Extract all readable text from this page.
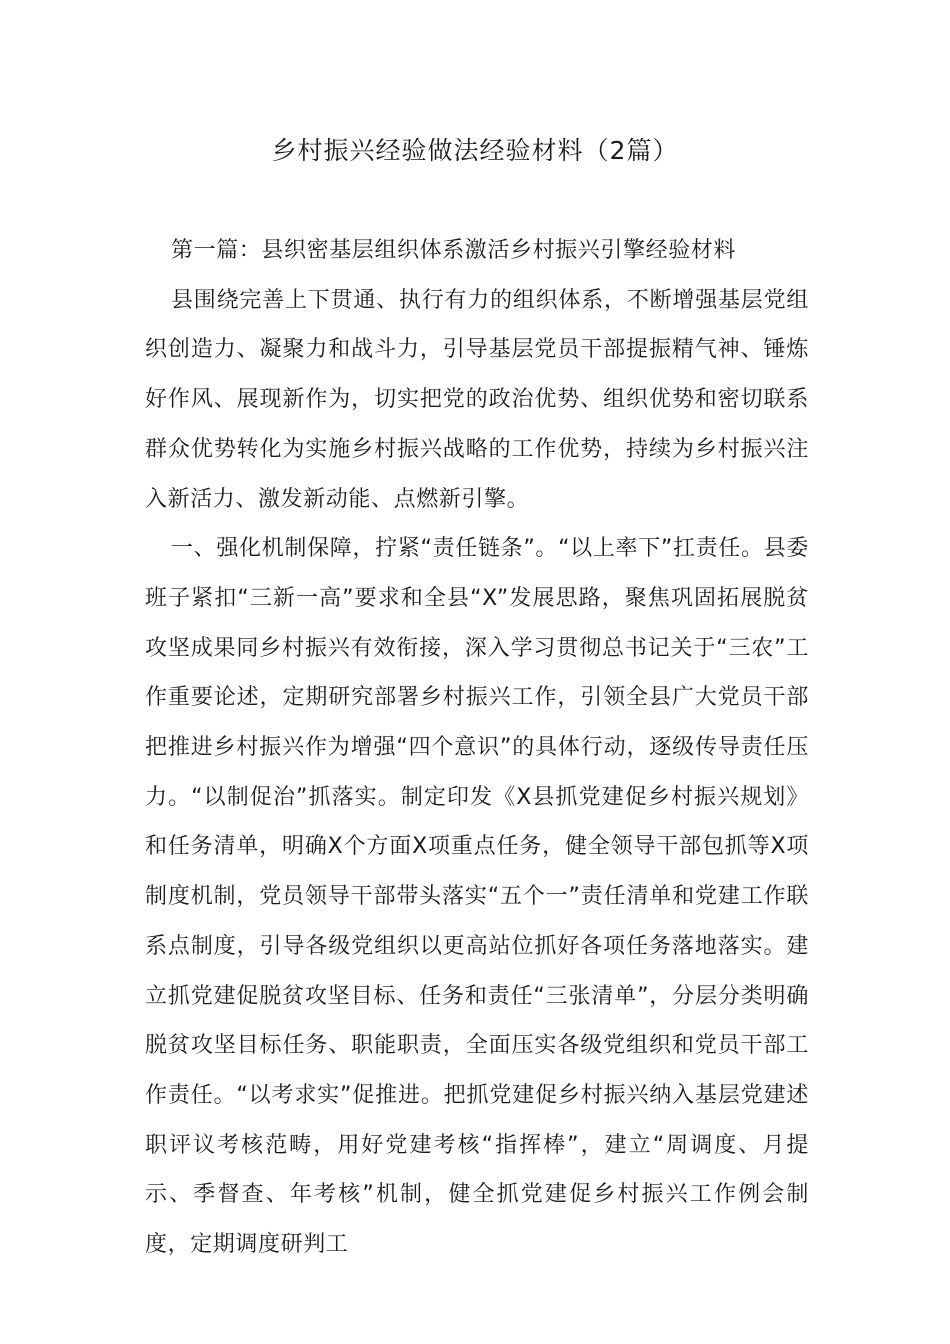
乡村振兴经验做法经验材料（2篇）

第一篇：县织密基层组织体系激活乡村振兴引擎经验材料

县围绕完善上下贯通、执行有力的组织体系，不断增强基层党组织创造力、凝聚力和战斗力，引导基层党员干部提振精气神、锤炼好作风、展现新作为，切实把党的政治优势、组织优势和密切联系群众优势转化为实施乡村振兴战略的工作优势，持续为乡村振兴注入新活力、激发新动能、点燃新引擎。

一、强化机制保障，拧紧“责任链条”。“以上率下”扛责任。县委班子紧扣“三新一高”要求和全县“X”发展思路，聚焦巩固拓展脱贫攻坚成果同乡村振兴有效衔接，深入学习贯彻总书记关于“三农”工作重要论述，定期研究部署乡村振兴工作，引领全县广大党员干部把推进乡村振兴作为增强“四个意识”的具体行动，逐级传导责任压力。“以制促治”抓落实。制定印发《X县抓党建促乡村振兴规划》和任务清单，明确X个方面X项重点任务，健全领导干部包抓等X项制度机制，党员领导干部带头落实“五个一”责任清单和党建工作联系点制度，引导各级党组织以更高站位抓好各项任务落地落实。建立抓党建促脱贫攻坚目标、任务和责任“三张清单”，分层分类明确脱贫攻坚目标任务、职能职责，全面压实各级党组织和党员干部工作责任。“以考求实”促推进。把抓党建促乡村振兴纳入基层党建述职评议考核范畴，用好党建考核“指挥棒”，建立“周调度、月提示、季督查、年考核”机制，健全抓党建促乡村振兴工作例会制度，定期调度研判工
